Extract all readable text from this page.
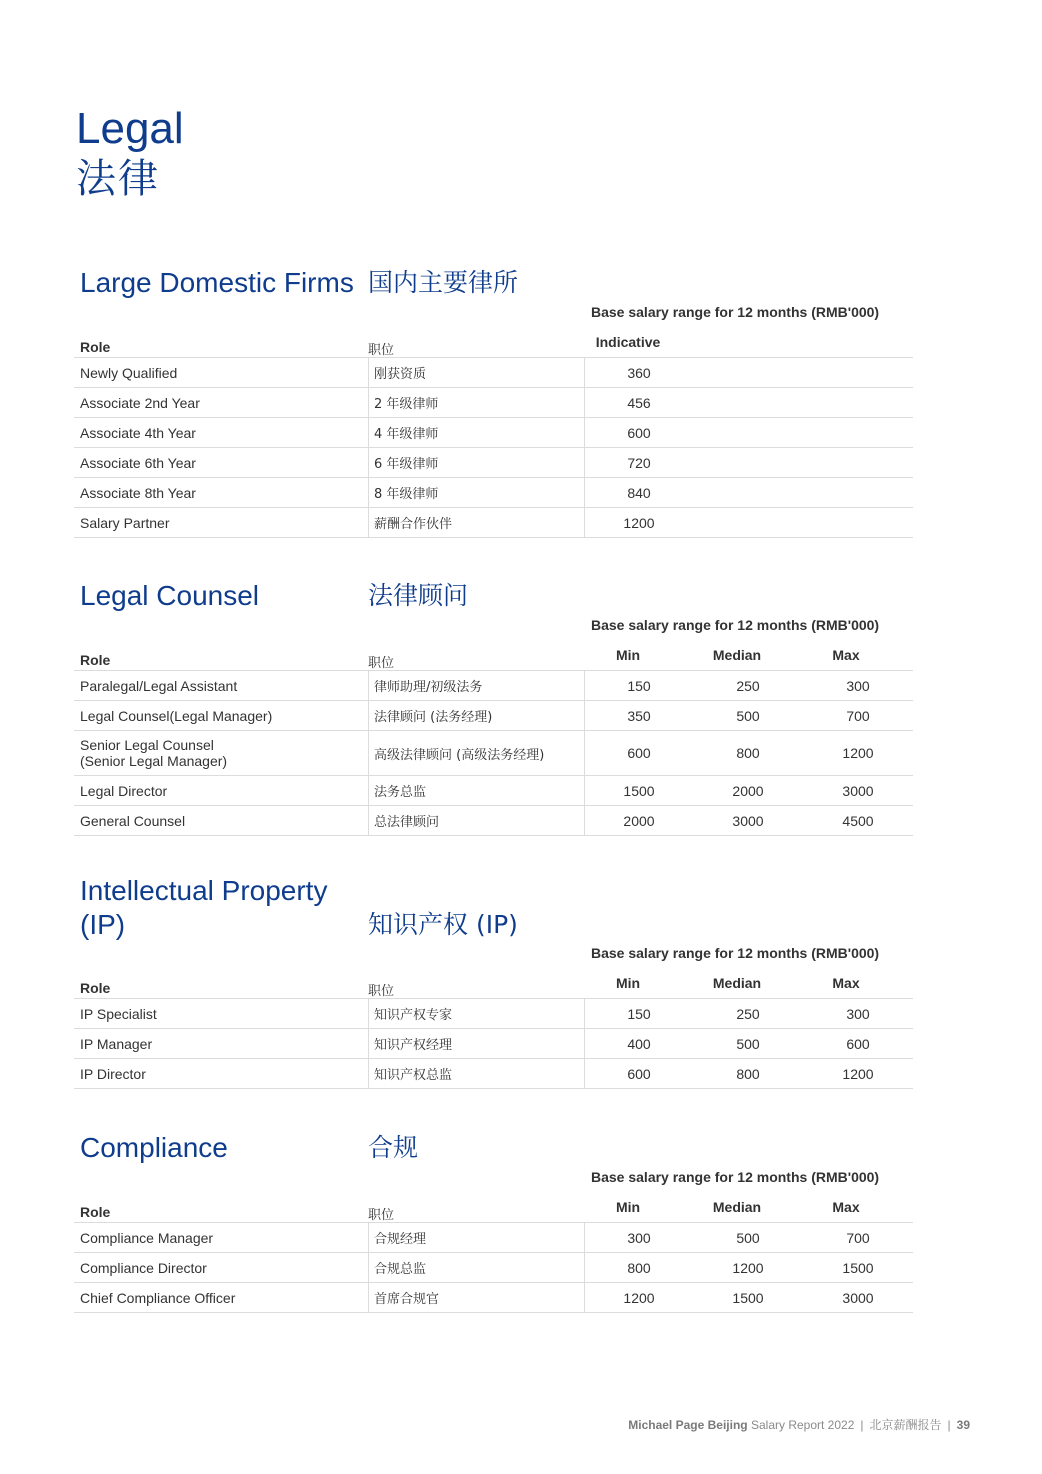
Legal
法律
Large Domestic Firms 国内主要律所
Base salary range for 12 months (RMB'000)
Role	职位
Indicative
Newly Qualified	刚获资质	360		
Associate 2nd Year	2 年级律师	456		
Associate 4th Year	4 年级律师	600		
Associate 6th Year	6 年级律师	720		
Associate 8th Year	8 年级律师	840		
Salary Partner	薪酬合作伙伴	1200		
Legal Counsel	法律顾问
Base salary range for 12 months (RMB'000)
Role	职位
Min	Median	Max
Paralegal/Legal Assistant	律师助理/初级法务	150	250	300
Legal Counsel(Legal Manager)	法律顾问 (法务经理)	350	500	700

Senior Legal Counsel
(Senior Legal Manager)	高级法律顾问 (高级法务经理)	600	800	1200
Legal Director	法务总监	1500	2000	3000
General Counsel	总法律顾问	2000	3000	4500
Intellectual Property
(IP)	知识产权 (IP)
Base salary range for 12 months (RMB'000)
Role	职位
Min	Median	Max
IP Specialist	知识产权专家	150	250	300
IP Manager	知识产权经理	400	500	600
IP Director	知识产权总监	600	800	1200
Compliance	合规
Base salary range for 12 months (RMB'000)
Role	职位
Min	Median	Max
Compliance Manager	合规经理	300	500	700
Compliance Director	合规总监	800	1200	1500
Chief Compliance Officer	首席合规官	1200	1500	3000
Michael Page Beijing Salary Report 2022 | 北京薪酬报告 | 39
